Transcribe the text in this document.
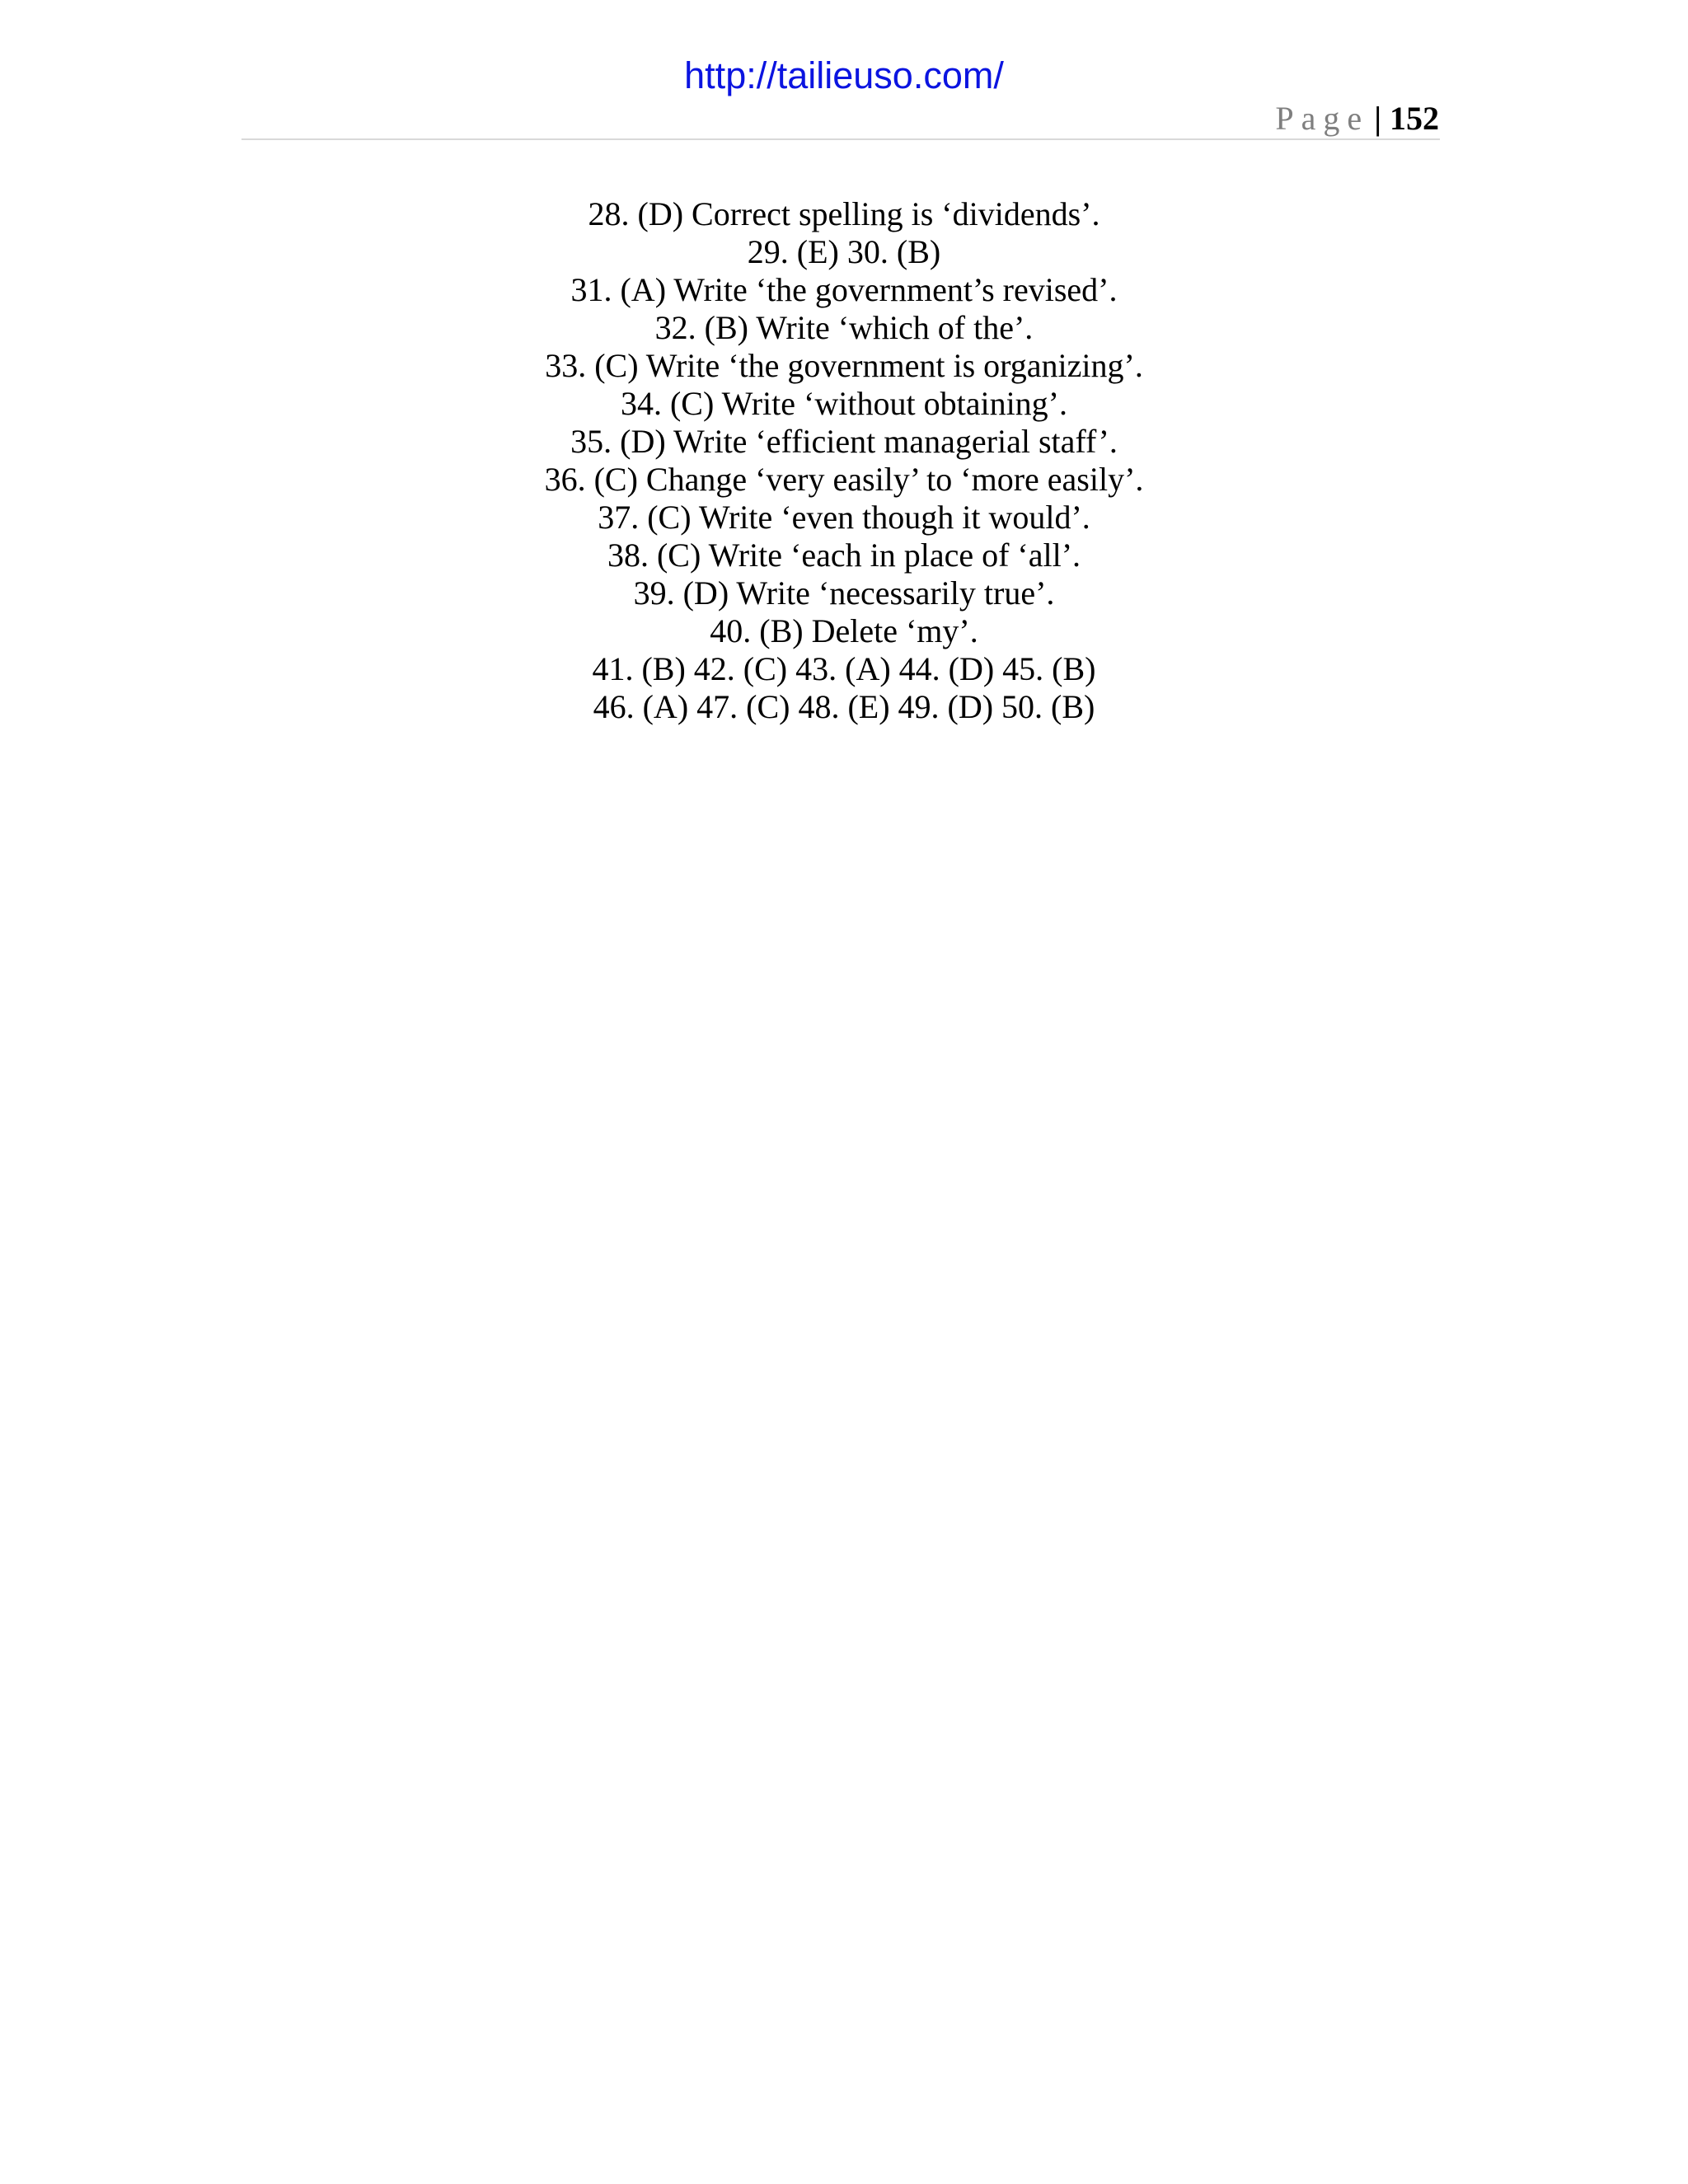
http://tailieuso.com/
Page | 152
28. (D) Correct spelling is ‘dividends’.
29. (E) 30. (B)
31. (A) Write ‘the government’s revised’.
32. (B) Write ‘which of the’.
33. (C) Write ‘the government is organizing’.
34. (C) Write ‘without obtaining’.
35. (D) Write ‘efficient managerial staff’.
36. (C) Change ‘very easily’ to ‘more easily’.
37. (C) Write ‘even though it would’.
38. (C) Write ‘each in place of ‘all’.
39. (D) Write ‘necessarily true’.
40. (B) Delete ‘my’.
41. (B) 42. (C) 43. (A) 44. (D) 45. (B)
46. (A) 47. (C) 48. (E) 49. (D) 50. (B)
